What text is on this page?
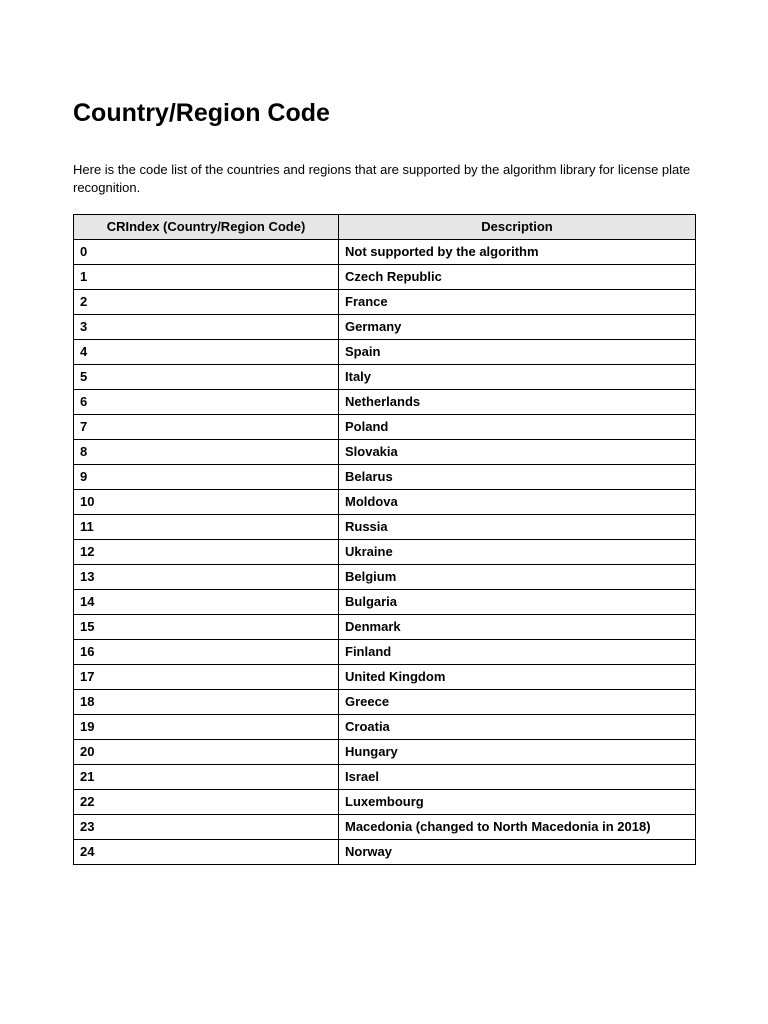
Country/Region Code

Here is the code list of the countries and regions that are supported by the algorithm library for license plate recognition.

CRIndex (Country/Region Code)	Description
0	Not supported by the algorithm
1	Czech Republic
2	France
3	Germany
4	Spain
5	Italy
6	Netherlands
7	Poland
8	Slovakia
9	Belarus
10	Moldova
11	Russia
12	Ukraine
13	Belgium
14	Bulgaria
15	Denmark
16	Finland
17	United Kingdom
18	Greece
19	Croatia
20	Hungary
21	Israel
22	Luxembourg
23	Macedonia (changed to North Macedonia in 2018)
24	Norway
